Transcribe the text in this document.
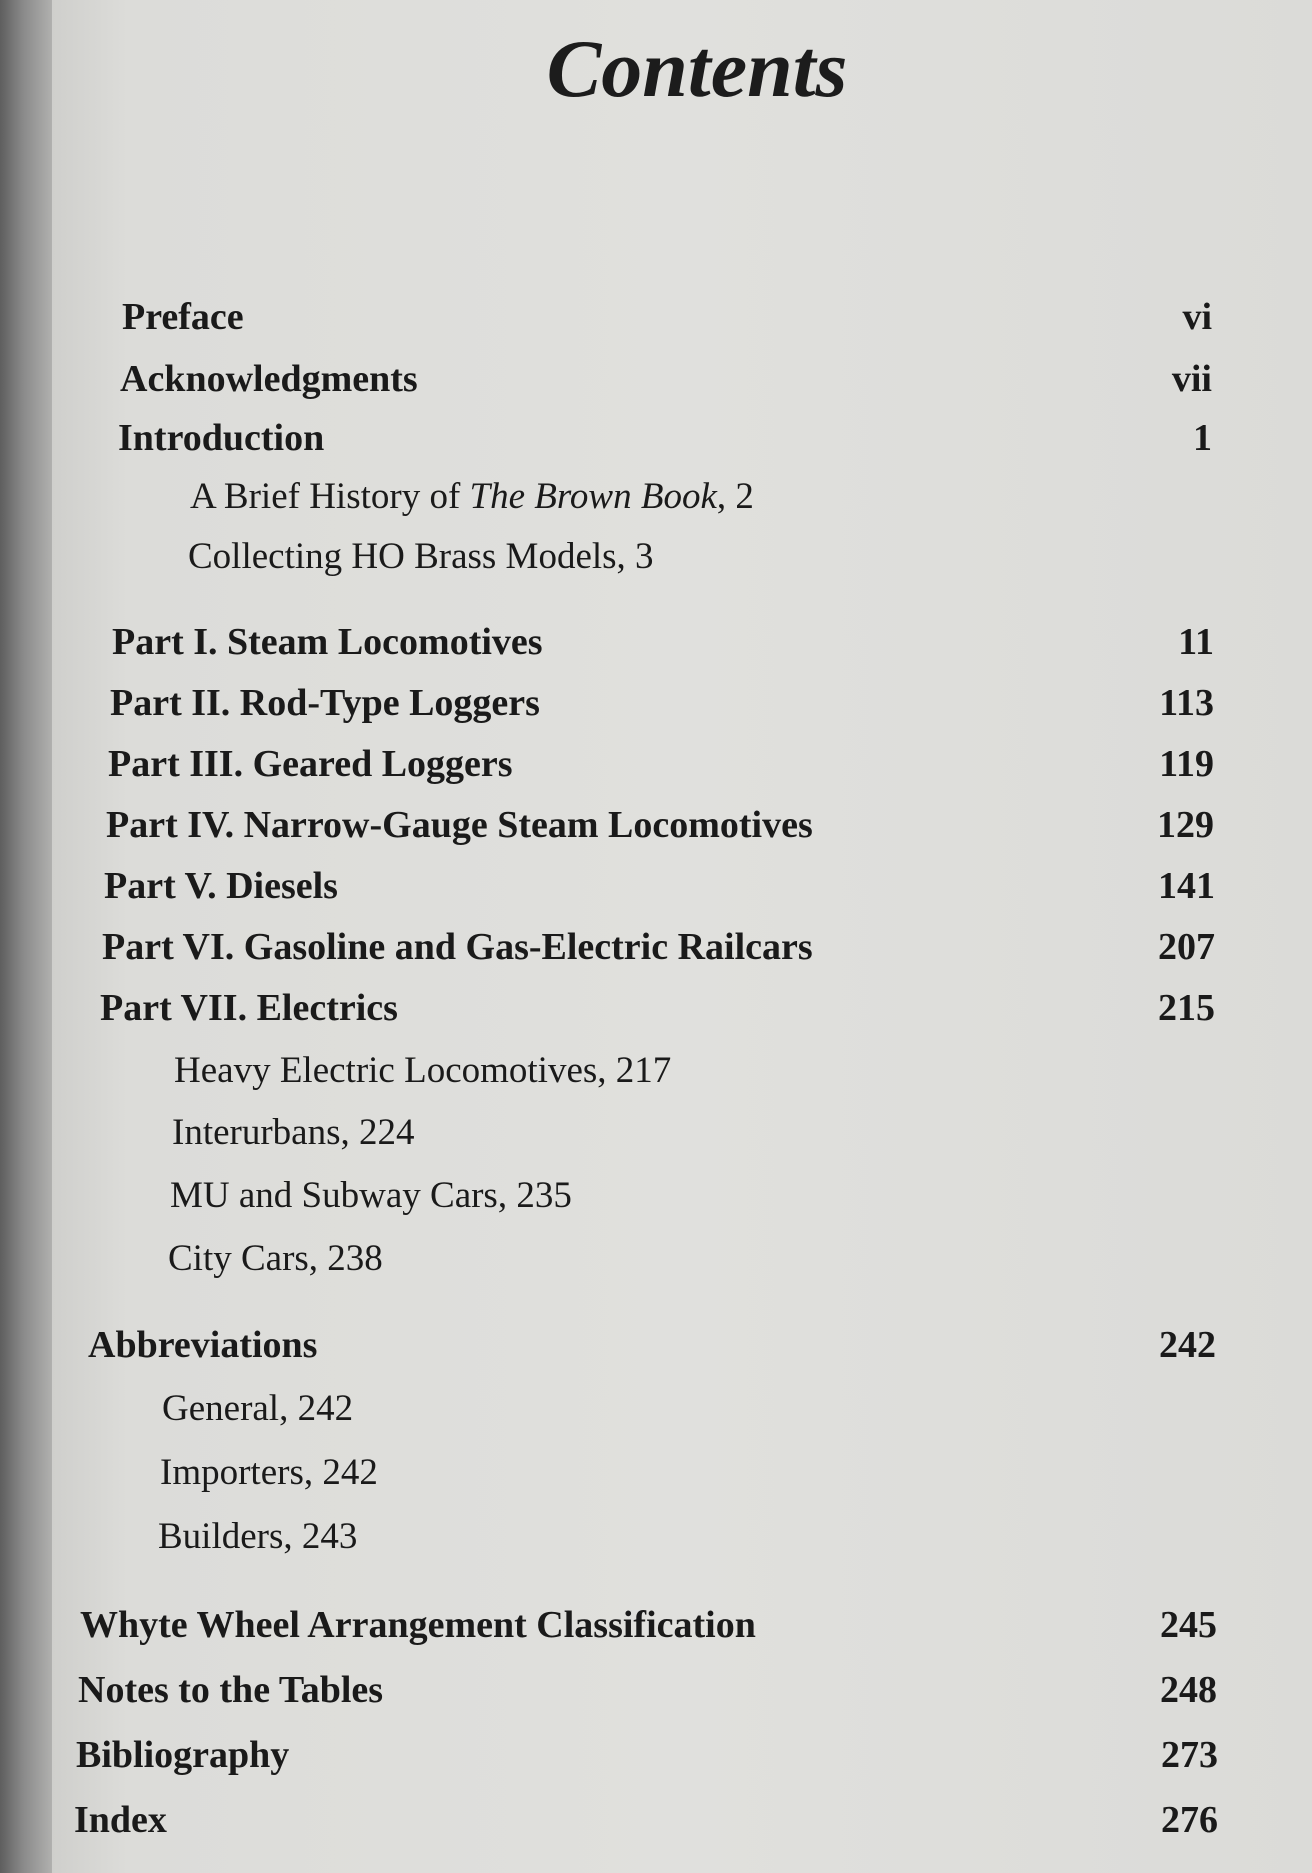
Contents
Preface	vi
Acknowledgments	vii
Introduction	1
A Brief History of The Brown Book, 2
Collecting HO Brass Models, 3
Part I. Steam Locomotives	11
Part II. Rod-Type Loggers	113
Part III. Geared Loggers	119
Part IV. Narrow-Gauge Steam Locomotives	129
Part V. Diesels	141
Part VI. Gasoline and Gas-Electric Railcars	207
Part VII. Electrics	215
Heavy Electric Locomotives, 217
Interurbans, 224
MU and Subway Cars, 235
City Cars, 238
Abbreviations	242
General, 242
Importers, 242
Builders, 243
Whyte Wheel Arrangement Classification	245
Notes to the Tables	248
Bibliography	273
Index	276
